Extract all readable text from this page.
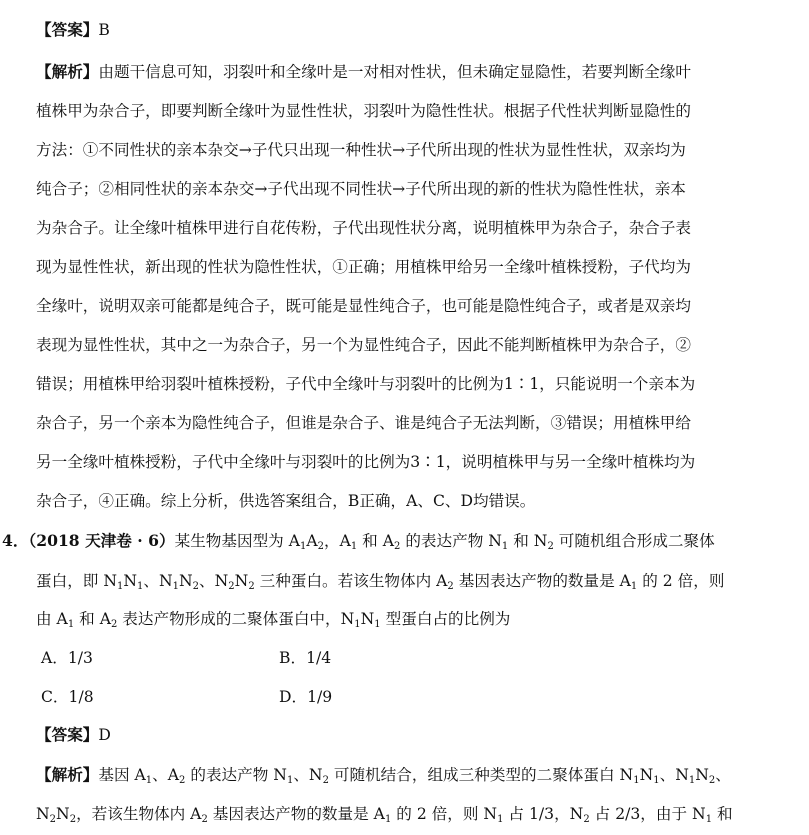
【答案】B
【解析】由题干信息可知，羽裂叶和全缘叶是一对相对性状，但未确定显隐性，若要判断全缘叶
植株甲为杂合子，即要判断全缘叶为显性性状，羽裂叶为隐性性状。根据子代性状判断显隐性的
方法：①不同性状的亲本杂交→子代只出现一种性状→子代所出现的性状为显性性状，双亲均为
纯合子；②相同性状的亲本杂交→子代出现不同性状→子代所出现的新的性状为隐性性状，亲本
为杂合子。让全缘叶植株甲进行自花传粉，子代出现性状分离，说明植株甲为杂合子，杂合子表
现为显性性状，新出现的性状为隐性性状，①正确；用植株甲给另一全缘叶植株授粉，子代均为
全缘叶，说明双亲可能都是纯合子，既可能是显性纯合子，也可能是隐性纯合子，或者是双亲均
表现为显性性状，其中之一为杂合子，另一个为显性纯合子，因此不能判断植株甲为杂合子，②
错误；用植株甲给羽裂叶植株授粉，子代中全缘叶与羽裂叶的比例为1∶1，只能说明一个亲本为
杂合子，另一个亲本为隐性纯合子，但谁是杂合子、谁是纯合子无法判断，③错误；用植株甲给
另一全缘叶植株授粉，子代中全缘叶与羽裂叶的比例为3∶1，说明植株甲与另一全缘叶植株均为
杂合子，④正确。综上分析，供选答案组合，B正确，A、C、D均错误。
4．（2018 天津卷 · 6）某生物基因型为 $A_1A_2$，$A_1$ 和 $A_2$ 的表达产物 $N_1$ 和 $N_2$ 可随机组合形成二聚体
蛋白，即 $N_1N_1$、$N_1N_2$、$N_2N_2$ 三种蛋白。若该生物体内 $A_2$ 基因表达产物的数量是 $A_1$ 的 2 倍，则
由 $A_1$ 和 $A_2$ 表达产物形成的二聚体蛋白中，$N_1N_1$ 型蛋白占的比例为
A．1/3	B．1/4
C．1/8	D．1/9
【答案】D
【解析】基因 $A_1$、$A_2$ 的表达产物 $N_1$、$N_2$ 可随机结合，组成三种类型的二聚体蛋白 $N_1N_1$、$N_1N_2$、
$N_2N_2$，若该生物体内 $A_2$ 基因表达产物的数量是 $A_1$ 的 2 倍，则 $N_1$ 占 1/3，$N_2$ 占 2/3，由于 $N_1$ 和
